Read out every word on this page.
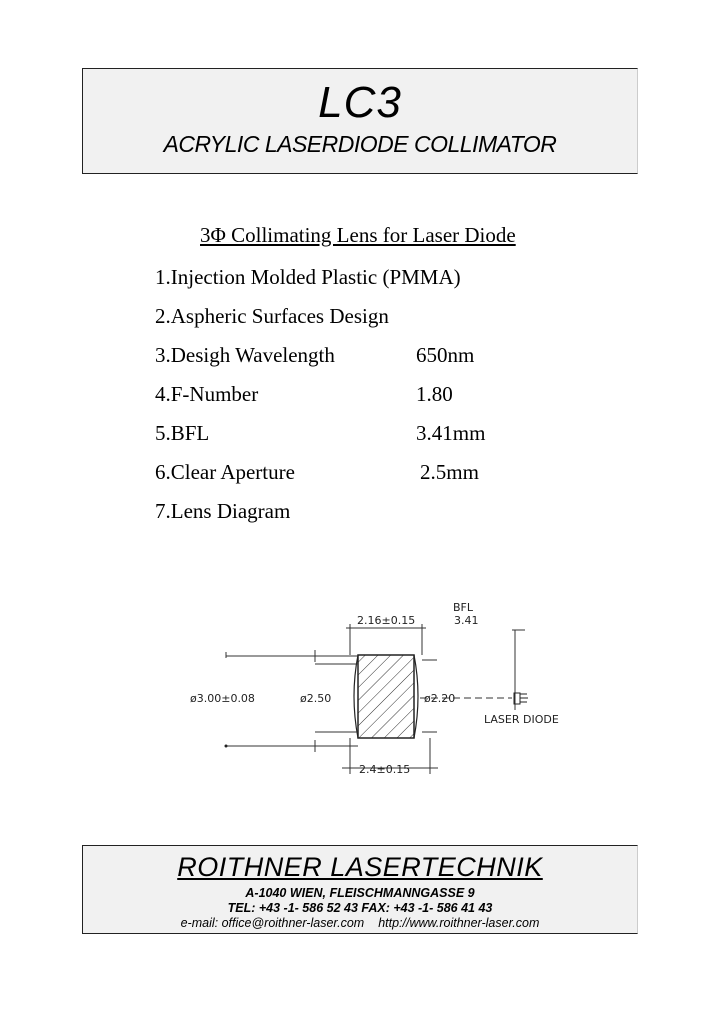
LC3
ACRYLIC LASERDIODE COLLIMATOR
3Φ Collimating Lens for Laser Diode
1.Injection Molded Plastic (PMMA)
2.Aspheric Surfaces Design
3.Desigh Wavelength	650nm
4.F-Number	1.80
5.BFL	3.41mm
6.Clear Aperture	2.5mm
7.Lens Diagram
BFL
3.41
2.16±0.15
ø3.00±0.08	ø2.50	ø2.20
LASER DIODE
2.4±0.15
ROITHNER LASERTECHNIK
A-1040 WIEN, FLEISCHMANNGASSE 9
TEL: +43 -1- 586 52 43 FAX: +43 -1- 586 41 43
e-mail: office@roithner-laser.com http://www.roithner-laser.com
